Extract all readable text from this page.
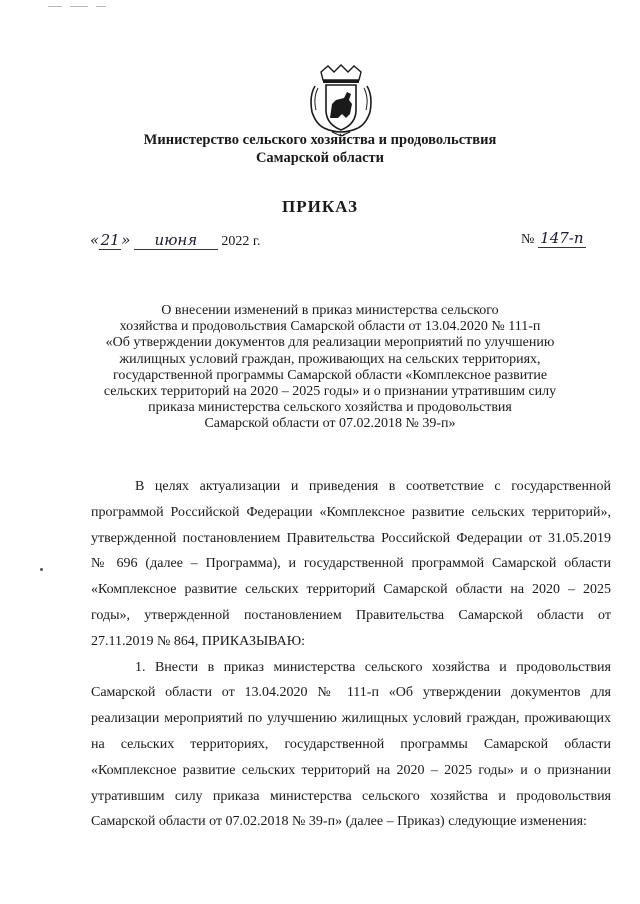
Министерство сельского хозяйства и продовольствия
Самарской области
ПРИКАЗ
«21» июня 2022 г.	№ 147-п
О внесении изменений в приказ министерства сельского
хозяйства и продовольствия Самарской области от 13.04.2020 № 111-п
«Об утверждении документов для реализации мероприятий по улучшению
жилищных условий граждан, проживающих на сельских территориях,
государственной программы Самарской области «Комплексное развитие
сельских территорий на 2020 – 2025 годы» и о признании утратившим силу
приказа министерства сельского хозяйства и продовольствия
Самарской области от 07.02.2018 № 39-п»

В целях актуализации и приведения в соответствие с государственной программой Российской Федерации «Комплексное развитие сельских территорий», утвержденной постановлением Правительства Российской Федерации от 31.05.2019 № 696 (далее – Программа), и государственной программой Самарской области «Комплексное развитие сельских территорий Самарской области на 2020 – 2025 годы», утвержденной постановлением Правительства Самарской области от 27.11.2019 № 864, ПРИКАЗЫВАЮ:

1. Внести в приказ министерства сельского хозяйства и продовольствия Самарской области от 13.04.2020 № 111-п «Об утверждении документов для реализации мероприятий по улучшению жилищных условий граждан, проживающих на сельских территориях, государственной программы Самарской области «Комплексное развитие сельских территорий на 2020 – 2025 годы» и о признании утратившим силу приказа министерства сельского хозяйства и продовольствия Самарской области от 07.02.2018 № 39-п» (далее – Приказ) следующие изменения:
